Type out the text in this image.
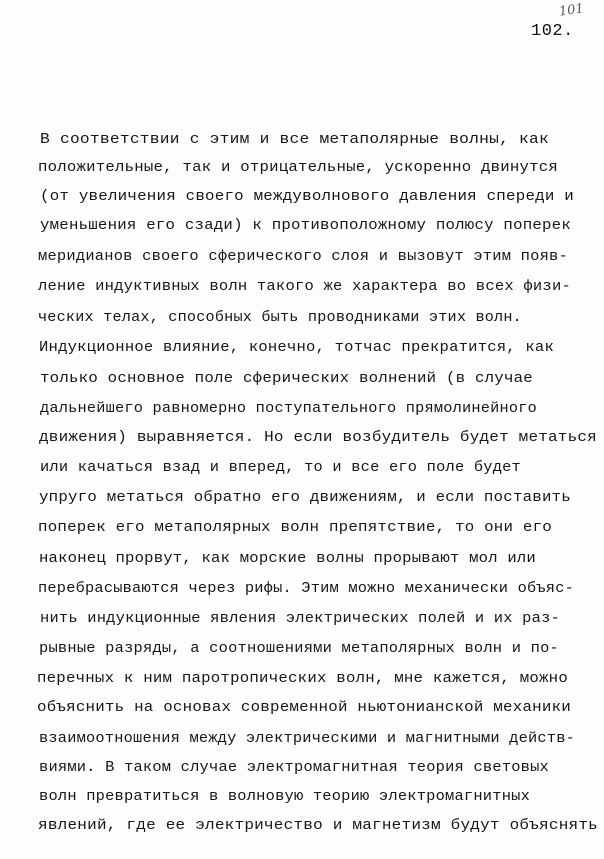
101
102.
В соответствии с этим и все метаполярные волны, как
положительные, так и отрицательные, ускоренно двинутся
(от увеличения своего междуволнового давления спереди и
уменьшения его сзади) к противоположному полюсу поперек
меридианов своего сферического слоя и вызовут этим появ-
ление индуктивных волн такого же характера во всех физи-
ческих телах, способных быть проводниками этих волн.
Индукционное влияние, конечно, тотчас прекратится, как
только основное поле сферических волнений (в случае
дальнейшего равномерно поступательного прямолинейного
движения) выравняется. Но если возбудитель будет метаться
или качаться взад и вперед, то и все его поле будет
упруго метаться обратно его движениям, и если поставить
поперек его метаполярных волн препятствие, то они его
наконец прорвут, как морские волны прорывают мол или
перебрасываются через рифы. Этим можно механически объяс-
нить индукционные явления электрических полей и их раз-
рывные разряды, а соотношениями метаполярных волн и по-
перечных к ним паротропических волн, мне кажется, можно
объяснить на основах современной ньютонианской механики
взаимоотношения между электрическими и магнитными действ-
виями. В таком случае электромагнитная теория световых
волн превратиться в волновую теорию электромагнитных
явлений, где ее электричество и магнетизм будут объяснять
